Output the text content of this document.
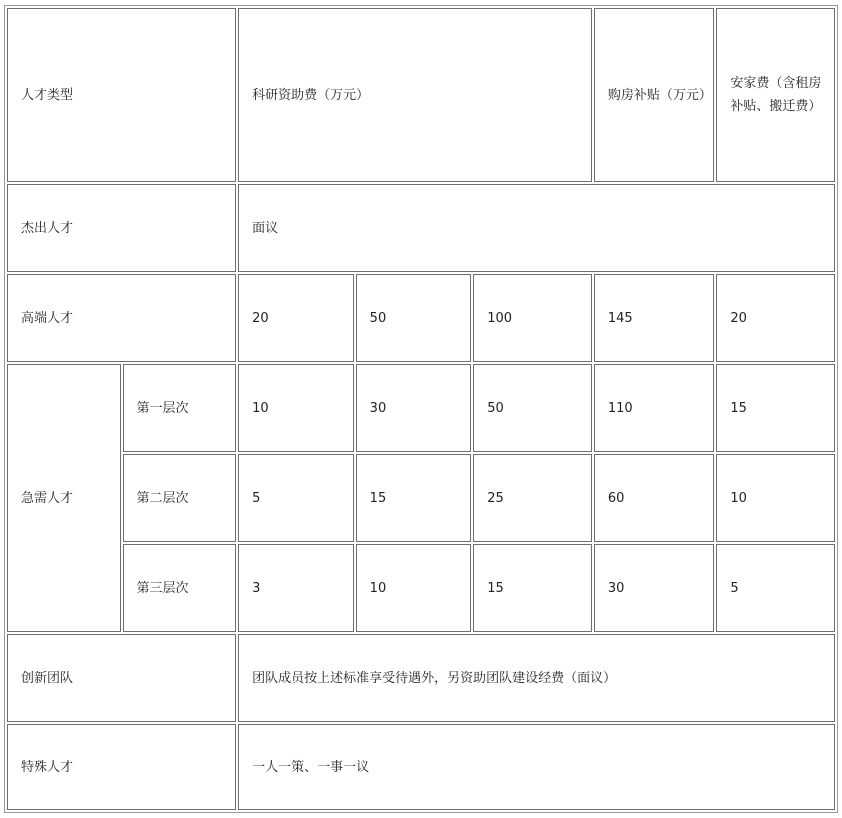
人才类型		科研资助费（万元）			购房补贴（万元）	安家费（含租房补贴、搬迁费）
杰出人才		面议				
高端人才		20	50	100	145	20
急需人才	第一层次	10	30	50	110	15
	第二层次	5	15	25	60	10
	第三层次	3	10	15	30	5
创新团队		团队成员按上述标准享受待遇外，另资助团队建设经费（面议）				
特殊人才		一人一策、一事一议				
